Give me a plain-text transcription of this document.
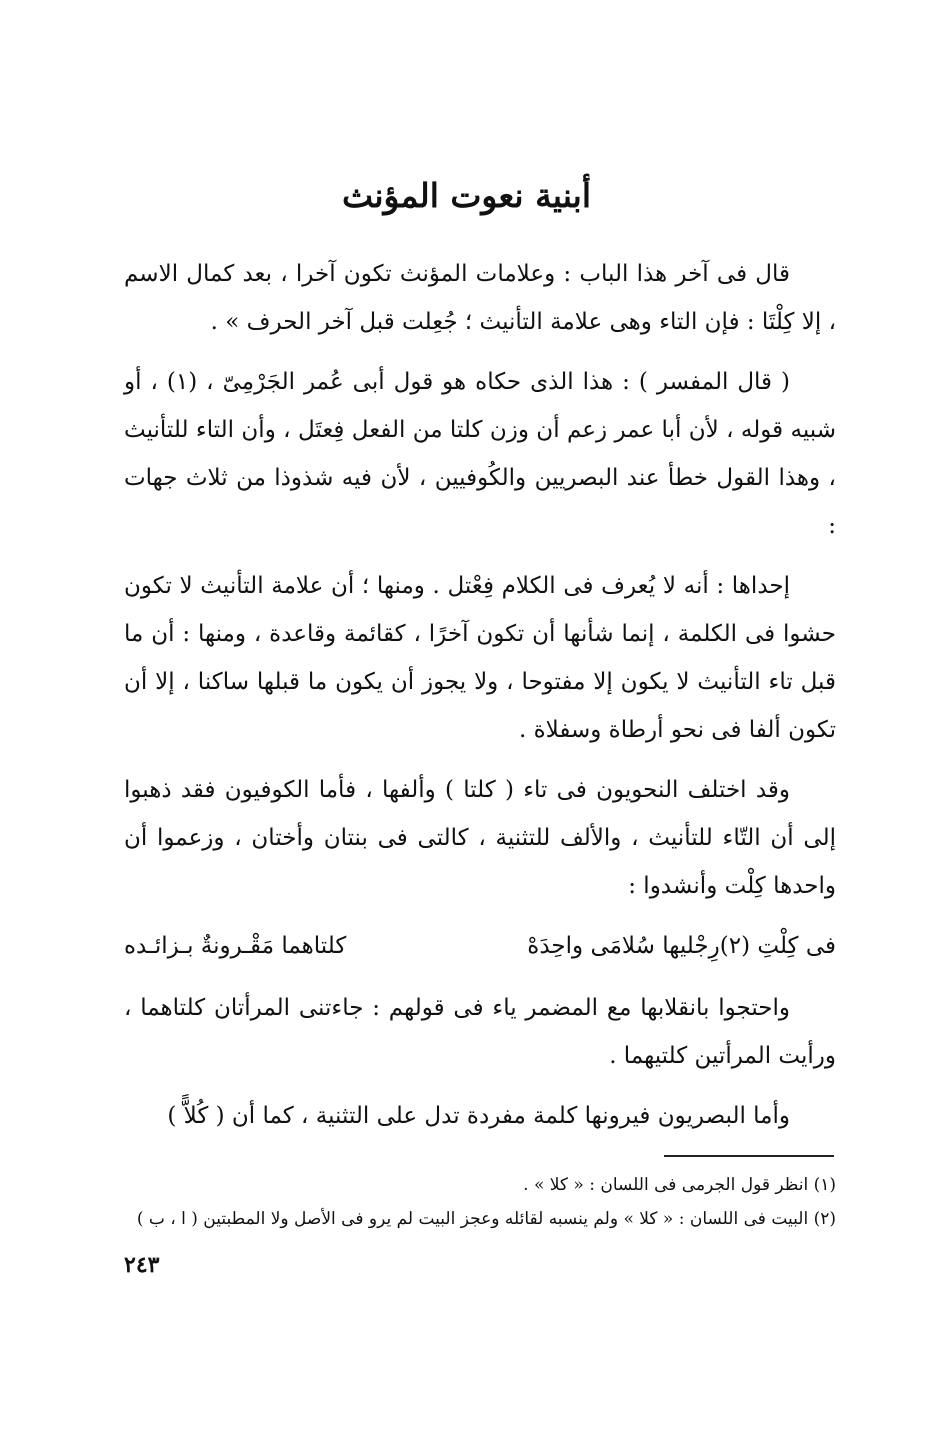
أبنية نعوت المؤنث

قال فى آخر هذا الباب : وعلامات المؤنث تكون آخرا ، بعد كمال الاسم ، إلا كِلْتَا : فإن التاء وهى علامة التأنيث ؛ جُعِلت قبل آخر الحرف » .

( قال المفسر ) : هذا الذى حكاه هو قول أبى عُمر الجَرْمِىّ ، (١) ، أو شبيه قوله ، لأن أبا عمر زعم أن وزن كلتا من الفعل فِعتَل ، وأن التاء للتأنيث ، وهذا القول خطأ عند البصريين والكُوفيين ، لأن فيه شذوذا من ثلاث جهات :

إحداها : أنه لا يُعرف فى الكلام فِعْتل . ومنها ؛ أن علامة التأنيث لا تكون حشوا فى الكلمة ، إنما شأنها أن تكون آخرًا ، كقائمة وقاعدة ، ومنها : أن ما قبل تاء التأنيث لا يكون إلا مفتوحا ، ولا يجوز أن يكون ما قبلها ساكنا ، إلا أن تكون ألفا فى نحو أرطاة وسفلاة .

وقد اختلف النحويون فى تاء ( كلتا ) وألفها ، فأما الكوفيون فقد ذهبوا إلى أن التّاء للتأنيث ، والألف للتثنية ، كالتى فى بنتان وأختان ، وزعموا أن واحدها كِلْت وأنشدوا :

فى كِلْتِ (٢)رِجْليها سُلامَى واحِدَهْ
كلتاهما مَقْـرونةٌ بـزائـده

واحتجوا بانقلابها مع المضمر ياء فى قولهم : جاءتنى المرأتان كلتاهما ، ورأيت المرأتين كلتيهما .

وأما البصريون فيرونها كلمة مفردة تدل على التثنية ، كما أن ( كُلاًّ )

(١) انظر قول الجرمى فى اللسان : « كلا » .

(٢) البيت فى اللسان : « كلا » ولم ينسبه لقائله وعجز البيت لم يرو فى الأصل ولا المطبتين ( ا ، ب )

٢٤٣
